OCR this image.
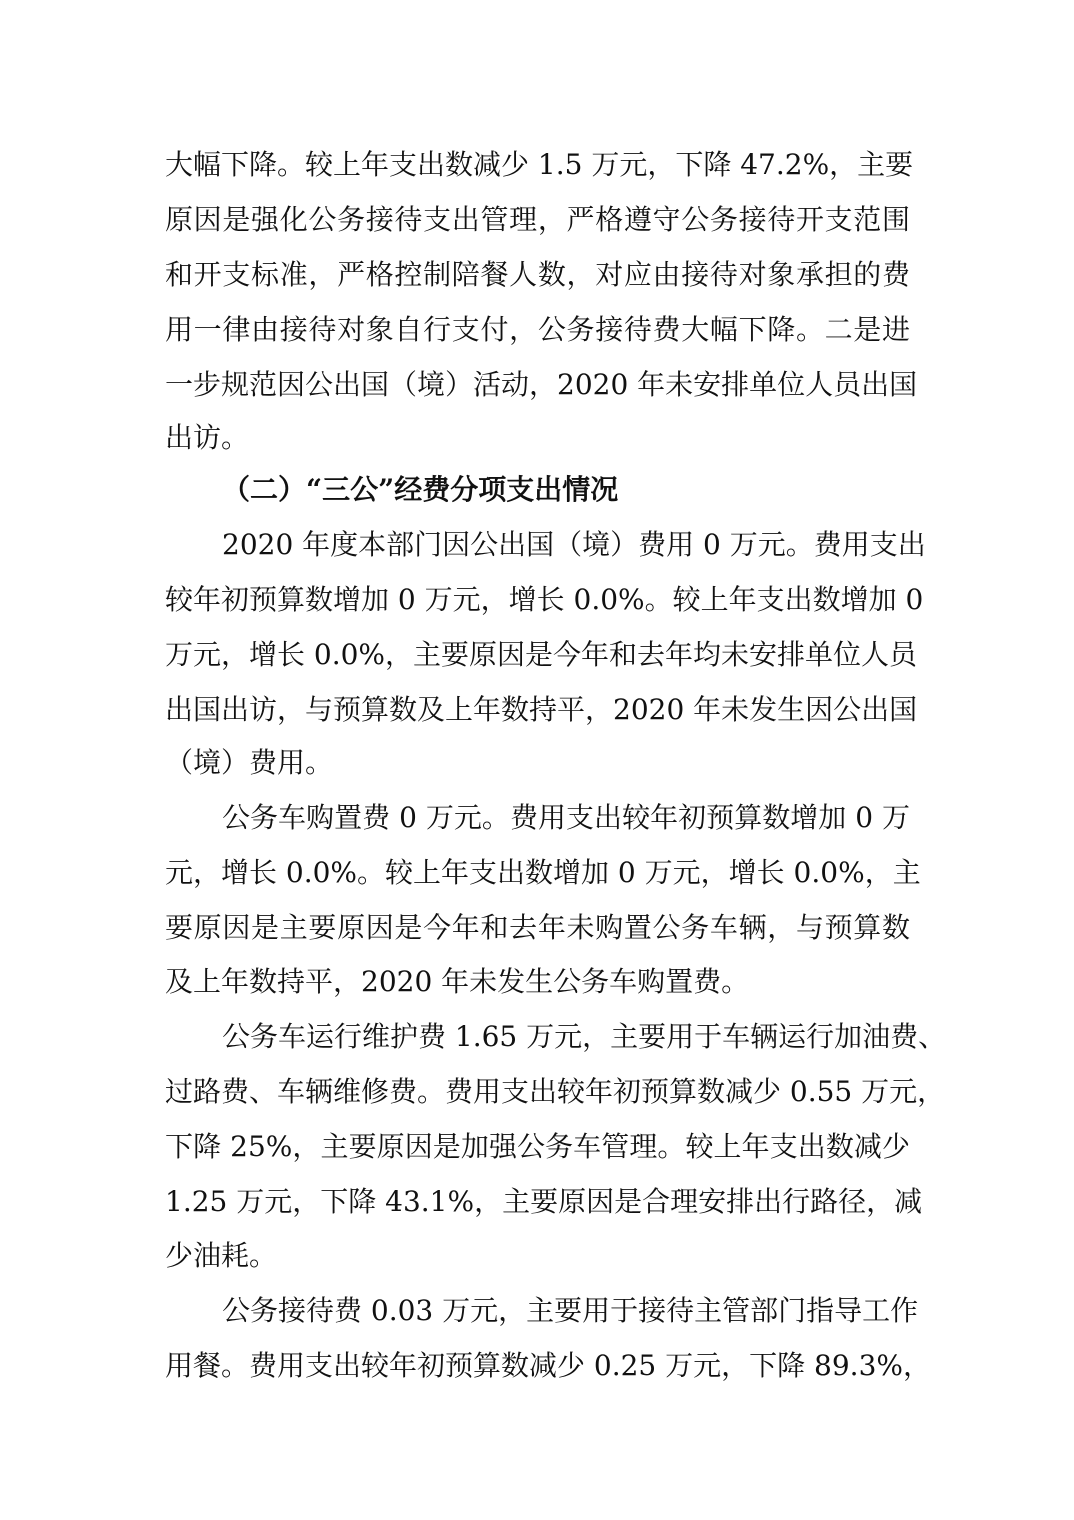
大幅下降。较上年支出数减少 1.5 万元，下降 47.2%，主要
原因是强化公务接待支出管理，严格遵守公务接待开支范围
和开支标准，严格控制陪餐人数，对应由接待对象承担的费
用一律由接待对象自行支付，公务接待费大幅下降。二是进
一步规范因公出国（境）活动，2020 年未安排单位人员出国
出访。
（二）“三公”经费分项支出情况
2020 年度本部门因公出国（境）费用 0 万元。费用支出
较年初预算数增加 0 万元，增长 0.0%。较上年支出数增加 0
万元，增长 0.0%，主要原因是今年和去年均未安排单位人员
出国出访，与预算数及上年数持平，2020 年未发生因公出国
（境）费用。
公务车购置费 0 万元。费用支出较年初预算数增加 0 万
元，增长 0.0%。较上年支出数增加 0 万元，增长 0.0%，主
要原因是主要原因是今年和去年未购置公务车辆，与预算数
及上年数持平，2020 年未发生公务车购置费。
公务车运行维护费 1.65 万元，主要用于车辆运行加油费、
过路费、车辆维修费。费用支出较年初预算数减少 0.55 万元，
下降 25%，主要原因是加强公务车管理。较上年支出数减少
1.25 万元，下降 43.1%，主要原因是合理安排出行路径，减
少油耗。
公务接待费 0.03 万元，主要用于接待主管部门指导工作
用餐。费用支出较年初预算数减少 0.25 万元，下降 89.3%，
